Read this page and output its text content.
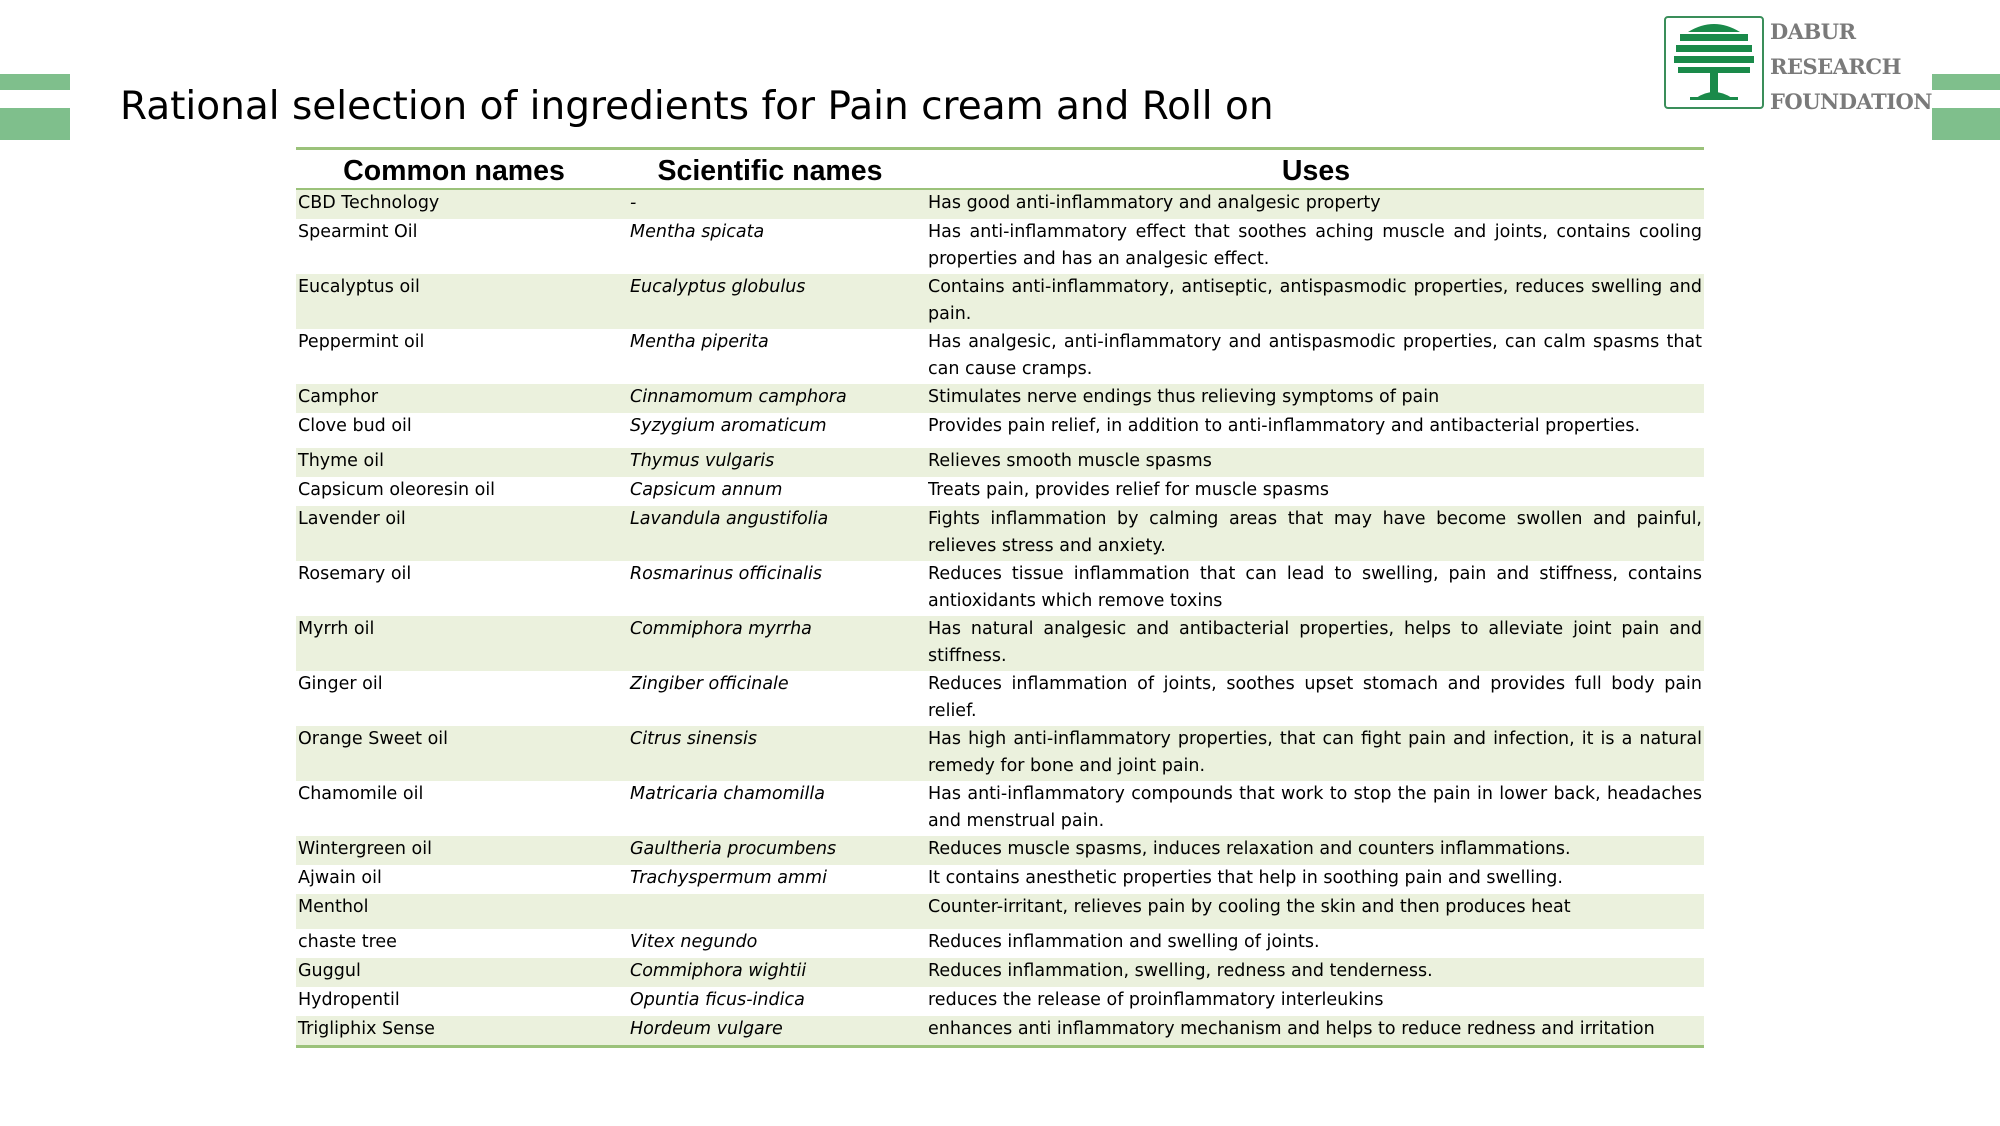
Rational selection of ingredients for Pain cream and Roll on
DABUR
RESEARCH
FOUNDATION
Common names	Scientific names	Uses
CBD Technology	-	Has good anti-inflammatory and analgesic property
Spearmint Oil	Mentha spicata	Has anti-inflammatory effect that soothes aching muscle and joints, contains cooling properties and has an analgesic effect.
Eucalyptus oil	Eucalyptus globulus	Contains anti-inflammatory, antiseptic, antispasmodic properties, reduces swelling and pain.
Peppermint oil	Mentha piperita	Has analgesic, anti-inflammatory and antispasmodic properties, can calm spasms that can cause cramps.
Camphor	Cinnamomum camphora	Stimulates nerve endings thus relieving symptoms of pain
Clove bud oil	Syzygium aromaticum	Provides pain relief, in addition to anti-inflammatory and antibacterial properties.
Thyme oil	Thymus vulgaris	Relieves smooth muscle spasms
Capsicum oleoresin oil	Capsicum annum	Treats pain, provides relief for muscle spasms
Lavender oil	Lavandula angustifolia	Fights inflammation by calming areas that may have become swollen and painful, relieves stress and anxiety.
Rosemary oil	Rosmarinus officinalis	Reduces tissue inflammation that can lead to swelling, pain and stiffness, contains antioxidants which remove toxins
Myrrh oil	Commiphora myrrha	Has natural analgesic and antibacterial properties, helps to alleviate joint pain and stiffness.
Ginger oil	Zingiber officinale	Reduces inflammation of joints, soothes upset stomach and provides full body pain relief.
Orange Sweet oil	Citrus sinensis	Has high anti-inflammatory properties, that can fight pain and infection, it is a natural remedy for bone and joint pain.
Chamomile oil	Matricaria chamomilla	Has anti-inflammatory compounds that work to stop the pain in lower back, headaches and menstrual pain.
Wintergreen oil	Gaultheria procumbens	Reduces muscle spasms, induces relaxation and counters inflammations.
Ajwain oil	Trachyspermum ammi	It contains anesthetic properties that help in soothing pain and swelling.
Menthol		Counter-irritant, relieves pain by cooling the skin and then produces heat
chaste tree	Vitex negundo	Reduces inflammation and swelling of joints.
Guggul	Commiphora wightii	Reduces inflammation, swelling, redness and tenderness.
Hydropentil	Opuntia ficus-indica	reduces the release of proinflammatory interleukins
Trigliphix Sense	Hordeum vulgare	enhances anti inflammatory mechanism and helps to reduce redness and irritation
